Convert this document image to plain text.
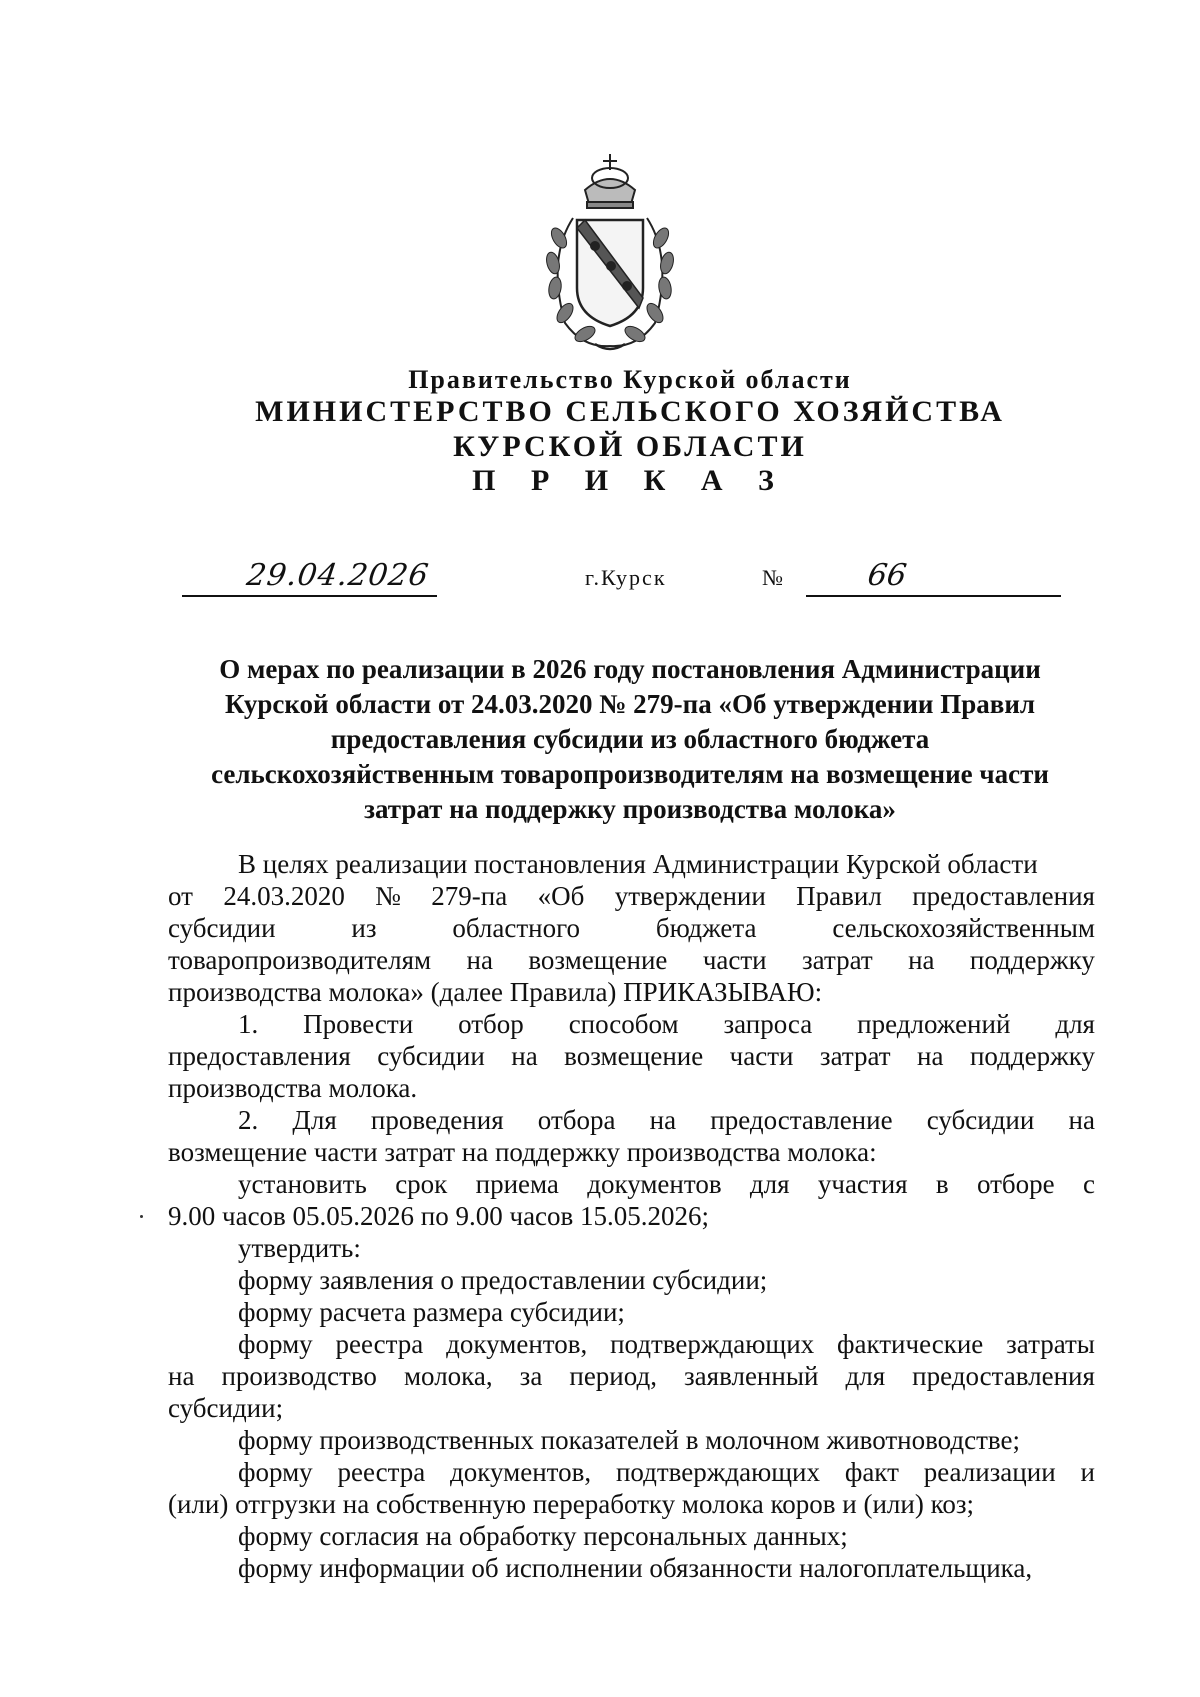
Правительство Курской области
МИНИСТЕРСТВО СЕЛЬСКОГО ХОЗЯЙСТВА
КУРСКОЙ ОБЛАСТИ
П Р И К А З
29.04.2026	г.Курск	№	66
О мерах по реализации в 2026 году постановления Администрации
Курской области от 24.03.2020 № 279-па «Об утверждении Правил
предоставления субсидии из областного бюджета
сельскохозяйственным товаропроизводителям на возмещение части
затрат на поддержку производства молока»
В целях реализации постановления Администрации Курской области
от 24.03.2020 № 279-па «Об утверждении Правил предоставления
субсидии	из	областного	бюджета	сельскохозяйственным
товаропроизводителям на возмещение части затрат на поддержку
производства молока» (далее Правила) ПРИКАЗЫВАЮ:
1. Провести отбор способом запроса предложений для
предоставления субсидии на возмещение части затрат на поддержку
производства молока.
2. Для проведения отбора на предоставление субсидии на
возмещение части затрат на поддержку производства молока:
установить срок приема документов для участия в отборе с
9.00 часов 05.05.2026 по 9.00 часов 15.05.2026;
утвердить:
форму заявления о предоставлении субсидии;
форму расчета размера субсидии;
форму реестра документов, подтверждающих фактические затраты
на производство молока, за период, заявленный для предоставления
субсидии;
форму производственных показателей в молочном животноводстве;
форму реестра документов, подтверждающих факт реализации и
(или) отгрузки на собственную переработку молока коров и (или) коз;
форму согласия на обработку персональных данных;
форму информации об исполнении обязанности налогоплательщика,
